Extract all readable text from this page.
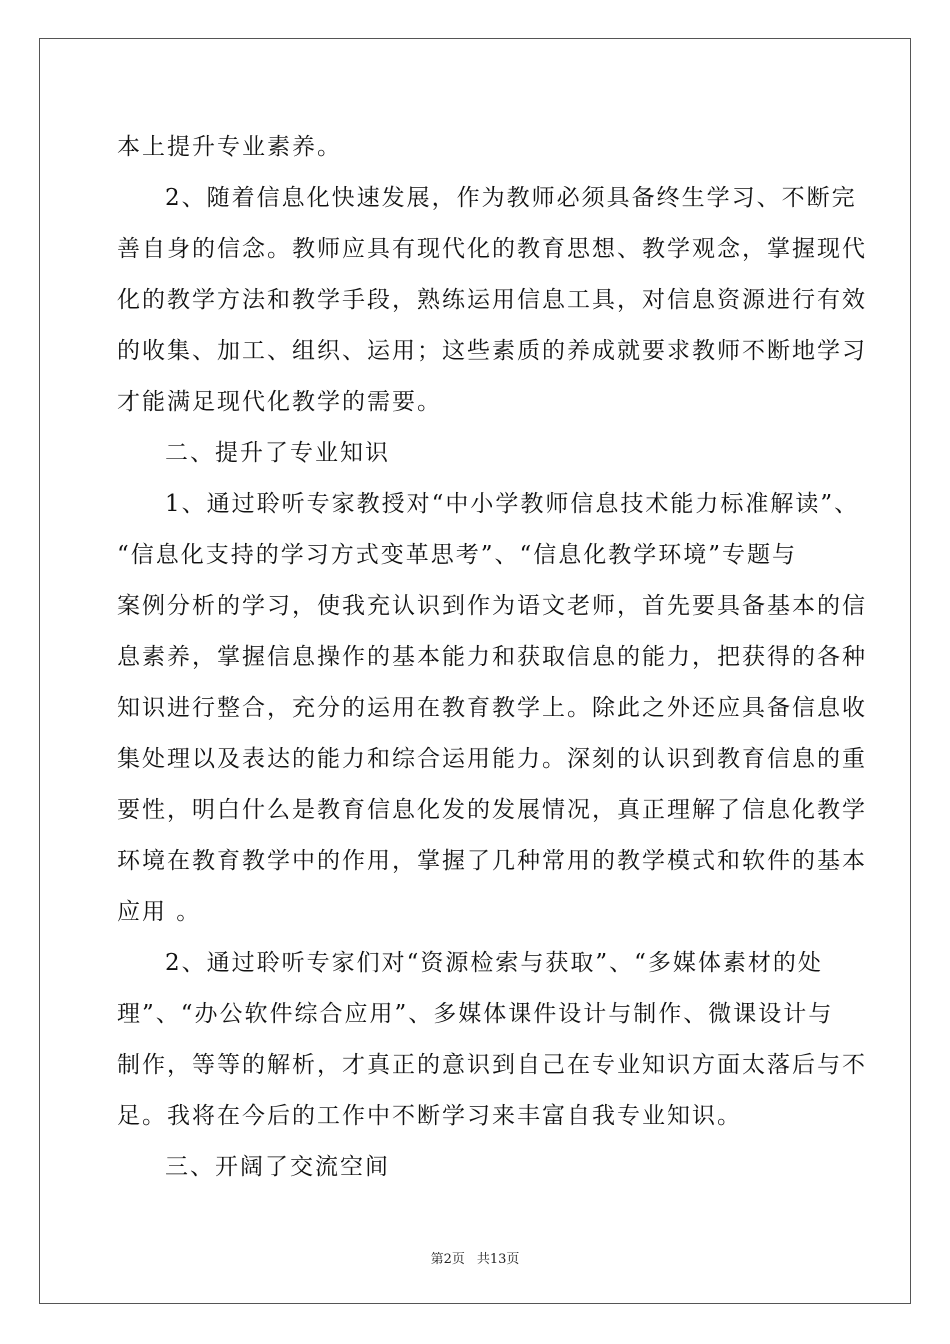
本上提升专业素养。
2、随着信息化快速发展，作为教师必须具备终生学习、不断完
善自身的信念。教师应具有现代化的教育思想、教学观念，掌握现代
化的教学方法和教学手段，熟练运用信息工具，对信息资源进行有效
的收集、加工、组织、运用；这些素质的养成就要求教师不断地学习
才能满足现代化教学的需要。
二、提升了专业知识
1、通过聆听专家教授对“中小学教师信息技术能力标准解读”、
“信息化支持的学习方式变革思考”、“信息化教学环境”专题与
案例分析的学习，使我充认识到作为语文老师，首先要具备基本的信
息素养，掌握信息操作的基本能力和获取信息的能力，把获得的各种
知识进行整合，充分的运用在教育教学上。除此之外还应具备信息收
集处理以及表达的能力和综合运用能力。深刻的认识到教育信息的重
要性，明白什么是教育信息化发的发展情况，真正理解了信息化教学
环境在教育教学中的作用，掌握了几种常用的教学模式和软件的基本
应用 。
2、通过聆听专家们对“资源检索与获取”、“多媒体素材的处
理”、“办公软件综合应用”、多媒体课件设计与制作、微课设计与
制作，等等的解析，才真正的意识到自己在专业知识方面太落后与不
足。我将在今后的工作中不断学习来丰富自我专业知识。
三、开阔了交流空间
第2页 共13页
